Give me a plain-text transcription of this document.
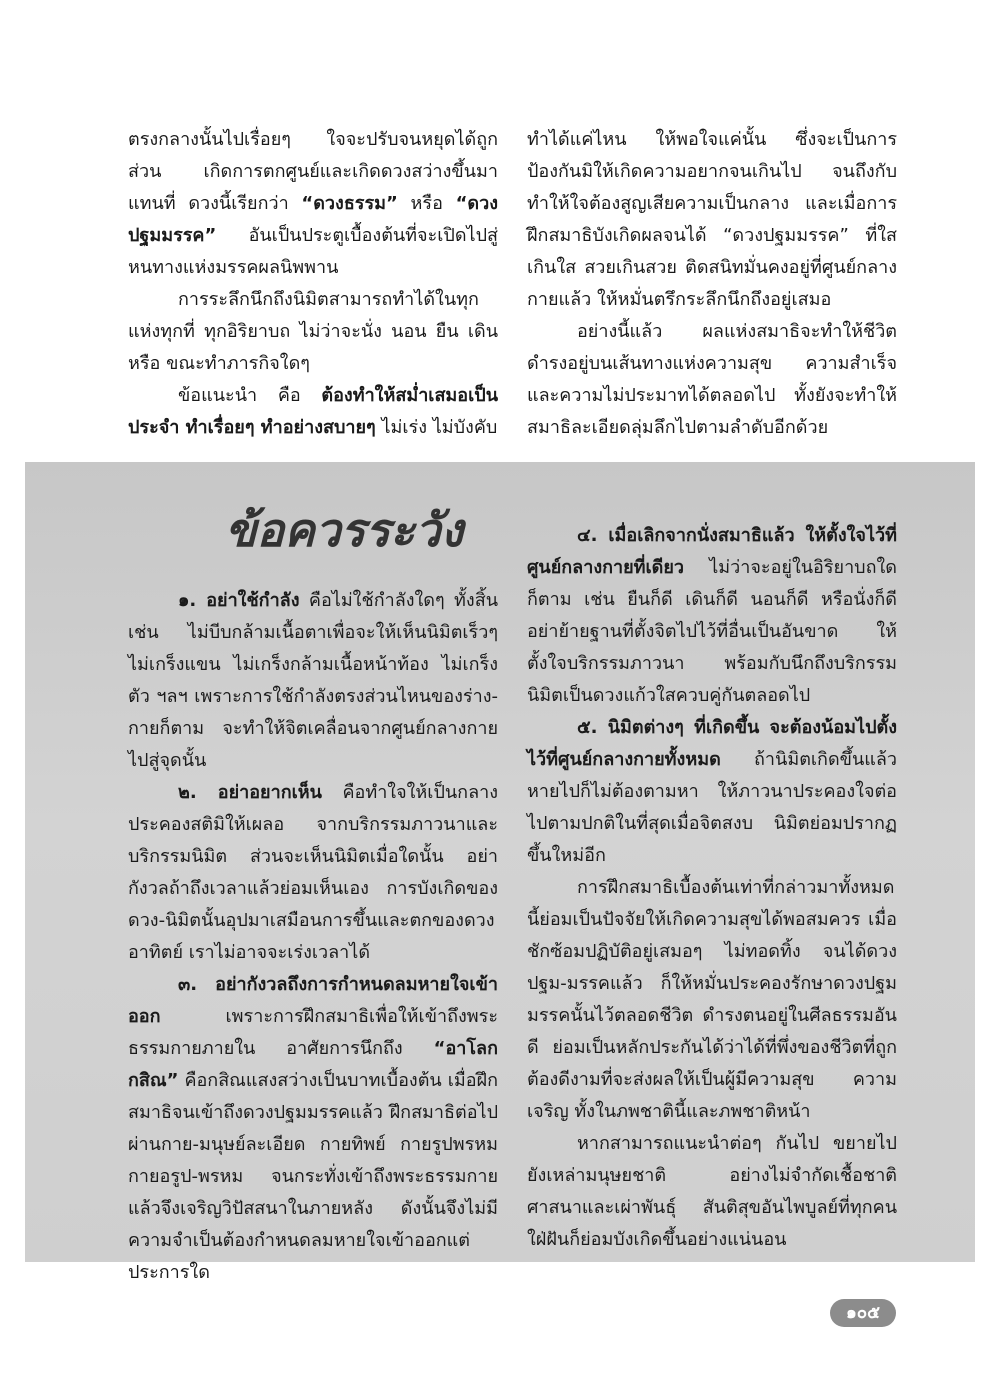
ตรงกลางนั้นไปเรื่อยๆ ใจจะปรับจนหยุดได้ถูกส่วน เกิดการตกศูนย์และเกิดดวงสว่างขึ้นมาแทนที่ ดวงนี้เรียกว่า “ดวงธรรม” หรือ “ดวงปฐมมรรค” อันเป็นประตูเบื้องต้นที่จะเปิดไปสู่หนทางแห่งมรรคผลนิพพาน

การระลึกนึกถึงนิมิตสามารถทำได้ในทุกแห่งทุกที่ ทุกอิริยาบถ ไม่ว่าจะนั่ง นอน ยืน เดิน หรือ ขณะทำภารกิจใดๆ

ข้อแนะนำ คือ ต้องทำให้สม่ำเสมอเป็นประจำ ทำเรื่อยๆ ทำอย่างสบายๆ ไม่เร่ง ไม่บังคับ

ทำได้แค่ไหน ให้พอใจแค่นั้น ซึ่งจะเป็นการป้องกันมิให้เกิดความอยากจนเกินไป จนถึงกับทำให้ใจต้องสูญเสียความเป็นกลาง และเมื่อการฝึกสมาธิบังเกิดผลจนได้ “ดวงปฐมมรรค” ที่ใสเกินใส สวยเกินสวย ติดสนิทมั่นคงอยู่ที่ศูนย์กลางกายแล้ว ให้หมั่นตรึกระลึกนึกถึงอยู่เสมอ

อย่างนี้แล้ว ผลแห่งสมาธิจะทำให้ชีวิตดำรงอยู่บนเส้นทางแห่งความสุข ความสำเร็จและความไม่ประมาทได้ตลอดไป ทั้งยังจะทำให้สมาธิละเอียดลุ่มลึกไปตามลำดับอีกด้วย

ข้อควรระวัง

๑. อย่าใช้กำลัง คือไม่ใช้กำลังใดๆ ทั้งสิ้น เช่น ไม่บีบกล้ามเนื้อตาเพื่อจะให้เห็นนิมิตเร็วๆ ไม่เกร็งแขน ไม่เกร็งกล้ามเนื้อหน้าท้อง ไม่เกร็งตัว ฯลฯ เพราะการใช้กำลังตรงส่วนไหนของร่าง-กายก็ตาม จะทำให้จิตเคลื่อนจากศูนย์กลางกายไปสู่จุดนั้น

๒. อย่าอยากเห็น คือทำใจให้เป็นกลาง ประคองสติมิให้เผลอ จากบริกรรมภาวนาและบริกรรมนิมิต ส่วนจะเห็นนิมิตเมื่อใดนั้น อย่ากังวลถ้าถึงเวลาแล้วย่อมเห็นเอง การบังเกิดของดวง-นิมิตนั้นอุปมาเสมือนการขึ้นและตกของดวงอาทิตย์ เราไม่อาจจะเร่งเวลาได้

๓. อย่ากังวลถึงการกำหนดลมหายใจเข้าออก เพราะการฝึกสมาธิเพื่อให้เข้าถึงพระธรรมกายภายใน อาศัยการนึกถึง “อาโลกกสิณ” คือกสิณแสงสว่างเป็นบาทเบื้องต้น เมื่อฝึกสมาธิจนเข้าถึงดวงปฐมมรรคแล้ว ฝึกสมาธิต่อไป ผ่านกาย-มนุษย์ละเอียด กายทิพย์ กายรูปพรหม กายอรูป-พรหม จนกระทั่งเข้าถึงพระธรรมกายแล้วจึงเจริญวิปัสสนาในภายหลัง ดังนั้นจึงไม่มีความจำเป็นต้องกำหนดลมหายใจเข้าออกแต่ประการใด

๔. เมื่อเลิกจากนั่งสมาธิแล้ว ให้ตั้งใจไว้ที่ศูนย์กลางกายที่เดียว ไม่ว่าจะอยู่ในอิริยาบถใดก็ตาม เช่น ยืนก็ดี เดินก็ดี นอนก็ดี หรือนั่งก็ดี อย่าย้ายฐานที่ตั้งจิตไปไว้ที่อื่นเป็นอันขาด ให้ตั้งใจบริกรรมภาวนา พร้อมกับนึกถึงบริกรรมนิมิตเป็นดวงแก้วใสควบคู่กันตลอดไป

๕. นิมิตต่างๆ ที่เกิดขึ้น จะต้องน้อมไปตั้งไว้ที่ศูนย์กลางกายทั้งหมด ถ้านิมิตเกิดขึ้นแล้วหายไปก็ไม่ต้องตามหา ให้ภาวนาประคองใจต่อไปตามปกติในที่สุดเมื่อจิตสงบ นิมิตย่อมปรากฏขึ้นใหม่อีก

การฝึกสมาธิเบื้องต้นเท่าที่กล่าวมาทั้งหมดนี้ย่อมเป็นปัจจัยให้เกิดความสุขได้พอสมควร เมื่อชักซ้อมปฏิบัติอยู่เสมอๆ ไม่ทอดทิ้ง จนได้ดวงปฐม-มรรคแล้ว ก็ให้หมั่นประคองรักษาดวงปฐมมรรคนั้นไว้ตลอดชีวิต ดำรงตนอยู่ในศีลธรรมอันดี ย่อมเป็นหลักประกันได้ว่าได้ที่พึ่งของชีวิตที่ถูกต้องดีงามที่จะส่งผลให้เป็นผู้มีความสุข ความเจริญ ทั้งในภพชาตินี้และภพชาติหน้า

หากสามารถแนะนำต่อๆ กันไป ขยายไปยังเหล่ามนุษยชาติ อย่างไม่จำกัดเชื้อชาติ ศาสนาและเผ่าพันธุ์ สันติสุขอันไพบูลย์ที่ทุกคนใฝ่ฝันก็ย่อมบังเกิดขึ้นอย่างแน่นอน

๑๐๕
